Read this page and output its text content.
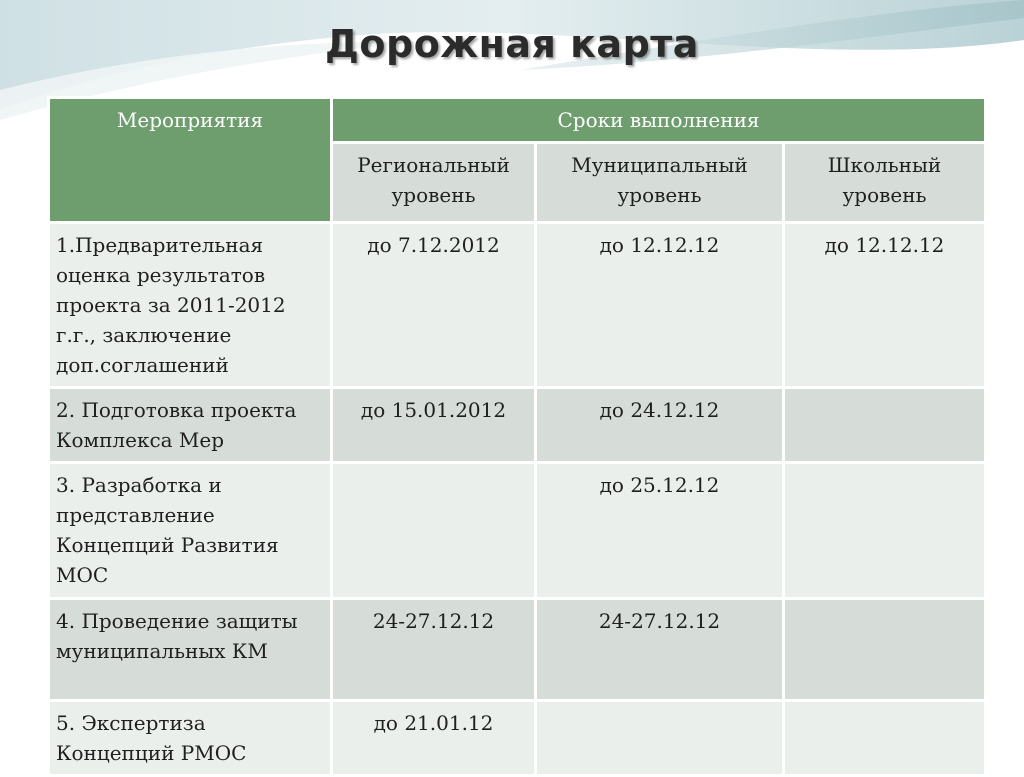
Дорожная карта
Мероприятия	Сроки выполнения		

	Региональный уровень	Муниципальный уровень	Школьный уровень

1.Предварительная оценка результатов проекта за 2011-2012 г.г., заключение доп.соглашений	до 7.12.2012	до 12.12.12	до 12.12.12
2. Подготовка проекта Комплекса Мер	до 15.01.2012	до 24.12.12	
3. Разработка и представление Концепций Развития МОС		до 25.12.12	
4. Проведение защиты муниципальных КМ	24-27.12.12	24-27.12.12	
5. Экспертиза Концепций РМОС	до 21.01.12		
